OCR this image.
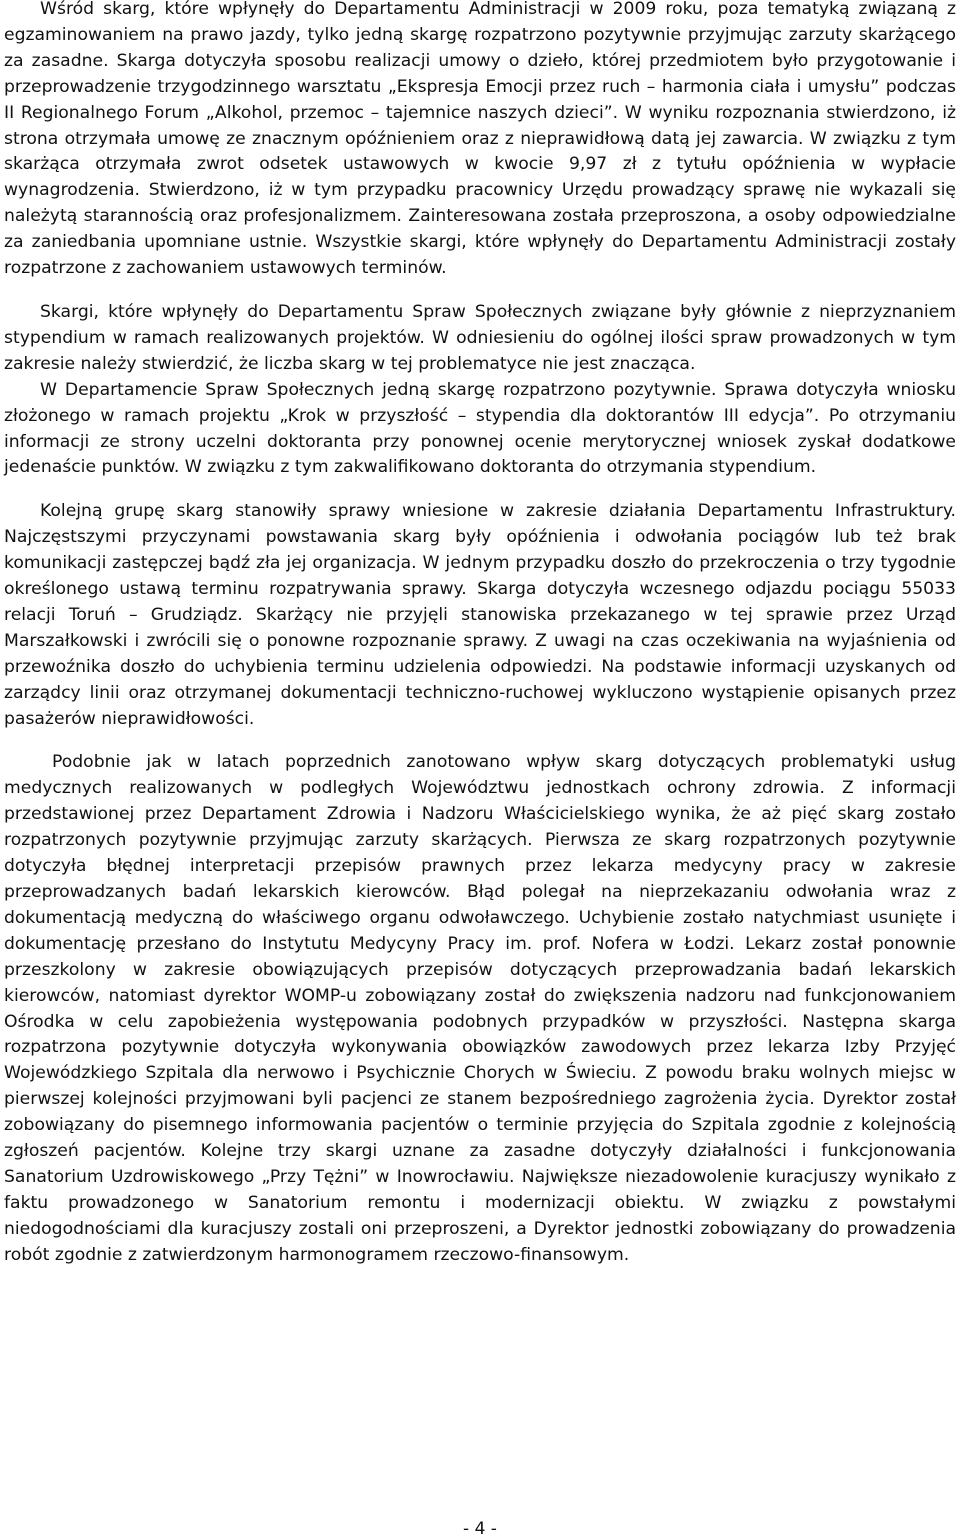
Wśród skarg, które wpłynęły do Departamentu Administracji w 2009 roku, poza tematyką związaną z egzaminowaniem na prawo jazdy, tylko jedną skargę rozpatrzono pozytywnie przyjmując zarzuty skarżącego za zasadne. Skarga dotyczyła sposobu realizacji umowy o dzieło, której przedmiotem było przygotowanie i przeprowadzenie trzygodzinnego warsztatu „Ekspresja Emocji przez ruch – harmonia ciała i umysłu” podczas II Regionalnego Forum „Alkohol, przemoc – tajemnice naszych dzieci”. W wyniku rozpoznania stwierdzono, iż strona otrzymała umowę ze znacznym opóźnieniem oraz z nieprawidłową datą jej zawarcia. W związku z tym skarżąca otrzymała zwrot odsetek ustawowych w kwocie 9,97 zł z tytułu opóźnienia w wypłacie wynagrodzenia. Stwierdzono, iż w tym przypadku pracownicy Urzędu prowadzący sprawę nie wykazali się należytą starannością oraz profesjonalizmem. Zainteresowana została przeproszona, a osoby odpowiedzialne za zaniedbania upomniane ustnie. Wszystkie skargi, które wpłynęły do Departamentu Administracji zostały rozpatrzone z zachowaniem ustawowych terminów.

Skargi, które wpłynęły do Departamentu Spraw Społecznych związane były głównie z nieprzyznaniem stypendium w ramach realizowanych projektów. W odniesieniu do ogólnej ilości spraw prowadzonych w tym zakresie należy stwierdzić, że liczba skarg w tej problematyce nie jest znacząca.

W Departamencie Spraw Społecznych jedną skargę rozpatrzono pozytywnie. Sprawa dotyczyła wniosku złożonego w ramach projektu „Krok w przyszłość – stypendia dla doktorantów III edycja”. Po otrzymaniu informacji ze strony uczelni doktoranta przy ponownej ocenie merytorycznej wniosek zyskał dodatkowe jedenaście punktów. W związku z tym zakwalifikowano doktoranta do otrzymania stypendium.

Kolejną grupę skarg stanowiły sprawy wniesione w zakresie działania Departamentu Infrastruktury. Najczęstszymi przyczynami powstawania skarg były opóźnienia i odwołania pociągów lub też brak komunikacji zastępczej bądź zła jej organizacja. W jednym przypadku doszło do przekroczenia o trzy tygodnie określonego ustawą terminu rozpatrywania sprawy. Skarga dotyczyła wczesnego odjazdu pociągu 55033 relacji Toruń – Grudziądz. Skarżący nie przyjęli stanowiska przekazanego w tej sprawie przez Urząd Marszałkowski i zwrócili się o ponowne rozpoznanie sprawy. Z uwagi na czas oczekiwania na wyjaśnienia od przewoźnika doszło do uchybienia terminu udzielenia odpowiedzi. Na podstawie informacji uzyskanych od zarządcy linii oraz otrzymanej dokumentacji techniczno-ruchowej wykluczono wystąpienie opisanych przez pasażerów nieprawidłowości.

Podobnie jak w latach poprzednich zanotowano wpływ skarg dotyczących problematyki usług medycznych realizowanych w podległych Województwu jednostkach ochrony zdrowia. Z informacji przedstawionej przez Departament Zdrowia i Nadzoru Właścicielskiego wynika, że aż pięć skarg zostało rozpatrzonych pozytywnie przyjmując zarzuty skarżących. Pierwsza ze skarg rozpatrzonych pozytywnie dotyczyła błędnej interpretacji przepisów prawnych przez lekarza medycyny pracy w zakresie przeprowadzanych badań lekarskich kierowców. Błąd polegał na nieprzekazaniu odwołania wraz z dokumentacją medyczną do właściwego organu odwoławczego. Uchybienie zostało natychmiast usunięte i dokumentację przesłano do Instytutu Medycyny Pracy im. prof. Nofera w Łodzi. Lekarz został ponownie przeszkolony w zakresie obowiązujących przepisów dotyczących przeprowadzania badań lekarskich kierowców, natomiast dyrektor WOMP-u zobowiązany został do zwiększenia nadzoru nad funkcjonowaniem Ośrodka w celu zapobieżenia występowania podobnych przypadków w przyszłości. Następna skarga rozpatrzona pozytywnie dotyczyła wykonywania obowiązków zawodowych przez lekarza Izby Przyjęć Wojewódzkiego Szpitala dla nerwowo i Psychicznie Chorych w Świeciu. Z powodu braku wolnych miejsc w pierwszej kolejności przyjmowani byli pacjenci ze stanem bezpośredniego zagrożenia życia. Dyrektor został zobowiązany do pisemnego informowania pacjentów o terminie przyjęcia do Szpitala zgodnie z kolejnością zgłoszeń pacjentów. Kolejne trzy skargi uznane za zasadne dotyczyły działalności i funkcjonowania Sanatorium Uzdrowiskowego „Przy Tężni” w Inowrocławiu. Największe niezadowolenie kuracjuszy wynikało z faktu prowadzonego w Sanatorium remontu i modernizacji obiektu. W związku z powstałymi niedogodnościami dla kuracjuszy zostali oni przeproszeni, a Dyrektor jednostki zobowiązany do prowadzenia robót zgodnie z zatwierdzonym harmonogramem rzeczowo-finansowym.

- 4 -
